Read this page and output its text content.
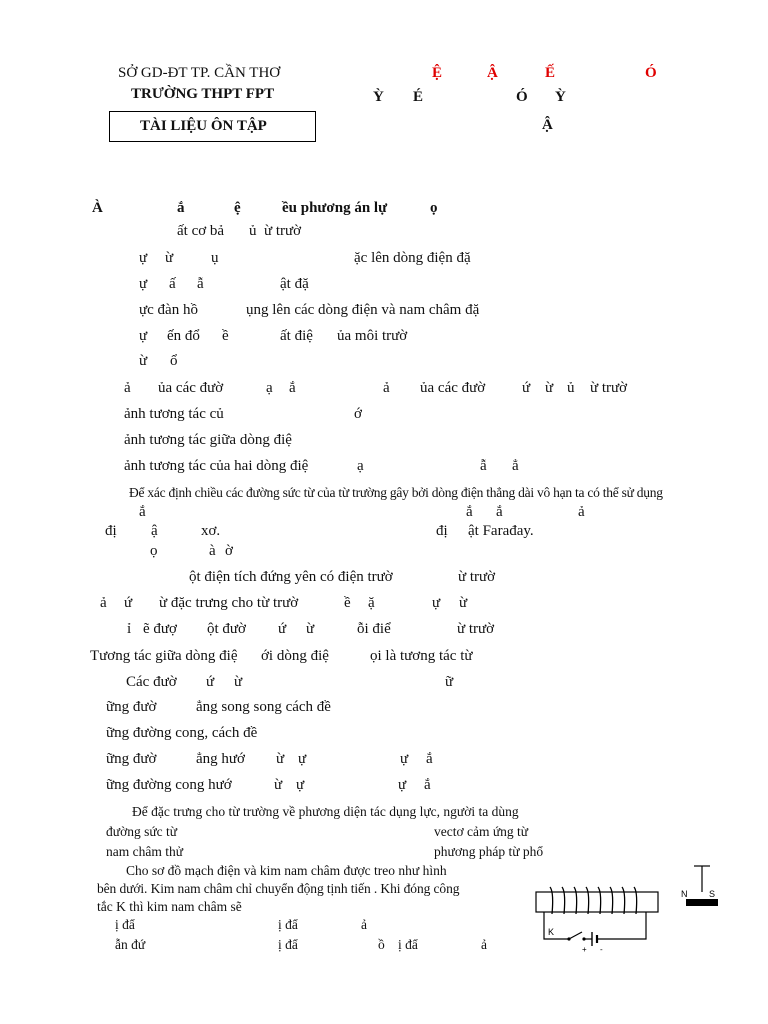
SỞ GD-ĐT TP. CẦN THƠ
TRƯỜNG THPT FPT
TÀI LIỆU ÔN TẬP
Ệ	Ậ	Ế	Ó
Ỳ É	Ó Ỳ
Ậ
À	ắ	ệ	ều phương án lự	ọ
ất cơ bả ủ ừ trườ
ự ừ	ụ	ặc lên dòng điện đặ
ự ấ ẫ	ật đặ
ực đàn hồ	ụng lên các dòng điện và nam châm đặ
ự ến đổ ề	ất điệ ủa môi trườ
ừ ổ
ả ủa các đườ	ạ ắ	ả ủa các đườ ứ ừ ủ ừ trườ
ảnh tương tác củ	ớ
ảnh tương tác giữa dòng điệ
ảnh tương tác của hai dòng điệ	ạ	ẫ ẳ
Để xác định chiều các đường sức từ của từ trường gây bởi dòng điện thẳng dài vô hạn ta có thể sử dụng
ắ	ắ ắ	ả
đị ậ	xơ.	đị ật Farađay.
ọ	à ờ
ột điện tích đứng yên có điện trườ	ừ trườ
ả ứ ừ đặc trưng cho từ trườ	ề ặ	ự ừ
ỉ ẽ đượ ột đườ ứ ừ	ỗi điể	ừ trườ
Tương tác giữa dòng điệ ới dòng điệ	ọi là tương tác từ
Các đườ ứ ừ	ữ
ững đườ	ẳng song song cách đề
ững đường cong, cách đề
ững đườ	ẳng hướ ừ ự	ự ắ
ững đường cong hướ	ừ ự	ự ắ
Để đặc trưng cho từ trường về phương diện tác dụng lực, người ta dùng
đường sức từ	vectơ cảm ứng từ
nam châm thử	phương pháp từ phổ
Cho sơ đồ mạch điện và kim nam châm được treo như hình
bên dưới. Kim nam châm chỉ chuyển động tịnh tiến . Khi đóng công
tắc K thì kim nam châm sẽ
ị đẩ	ị đẩ	ả
ẫn đứ	ị đẩ	ồ ị đẩ	ả
K
+ -
N S
